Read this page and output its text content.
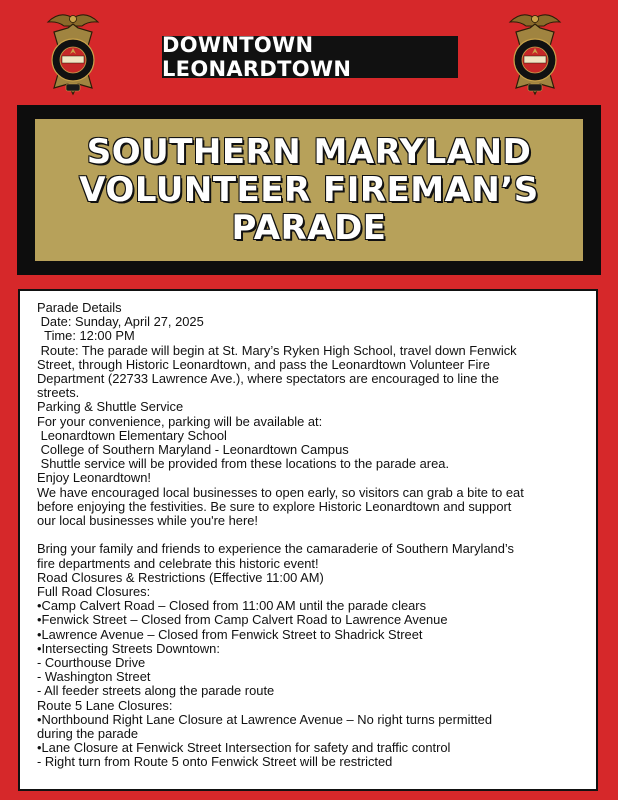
DOWNTOWN LEONARDTOWN
SOUTHERN MARYLAND
VOLUNTEER FIREMAN’S
PARADE

Parade Details

Date: Sunday, April 27, 2025

Time: 12:00 PM

Route: The parade will begin at St. Mary’s Ryken High School, travel down Fenwick

Street, through Historic Leonardtown, and pass the Leonardtown Volunteer Fire

Department (22733 Lawrence Ave.), where spectators are encouraged to line the

streets.

Parking & Shuttle Service

For your convenience, parking will be available at:

Leonardtown Elementary School

College of Southern Maryland - Leonardtown Campus

Shuttle service will be provided from these locations to the parade area.

Enjoy Leonardtown!

We have encouraged local businesses to open early, so visitors can grab a bite to eat

before enjoying the festivities. Be sure to explore Historic Leonardtown and support

our local businesses while you're here!

Bring your family and friends to experience the camaraderie of Southern Maryland’s

fire departments and celebrate this historic event!

Road Closures & Restrictions (Effective 11:00 AM)

Full Road Closures:

•Camp Calvert Road – Closed from 11:00 AM until the parade clears

•Fenwick Street – Closed from Camp Calvert Road to Lawrence Avenue

•Lawrence Avenue – Closed from Fenwick Street to Shadrick Street

•Intersecting Streets Downtown:

- Courthouse Drive

- Washington Street

- All feeder streets along the parade route

Route 5 Lane Closures:

•Northbound Right Lane Closure at Lawrence Avenue – No right turns permitted

during the parade

•Lane Closure at Fenwick Street Intersection for safety and traffic control

- Right turn from Route 5 onto Fenwick Street will be restricted
